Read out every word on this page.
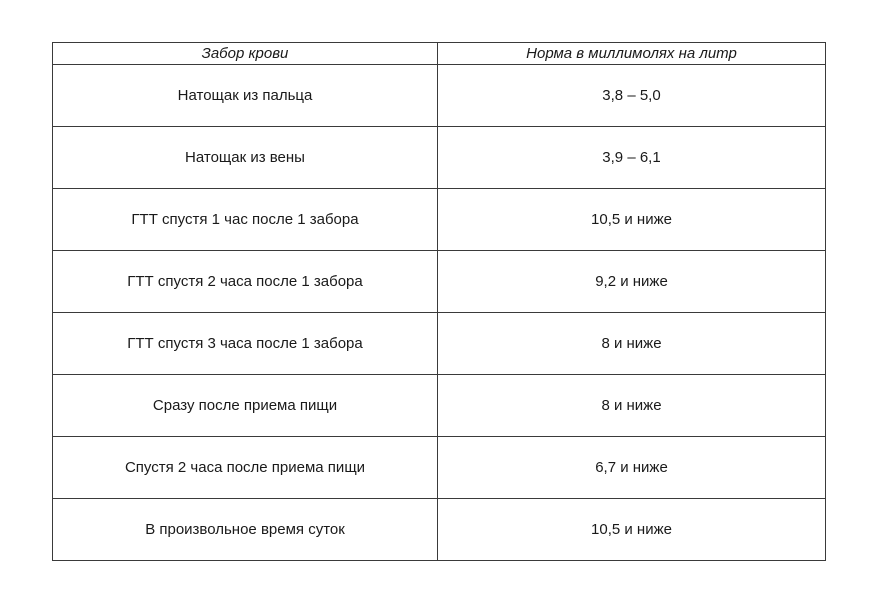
Забор крови	Норма в миллимолях на литр
Натощак из пальца	3,8 – 5,0
Натощак из вены	3,9 – 6,1
ГТТ спустя 1 час после 1 забора	10,5 и ниже
ГТТ спустя 2 часа после 1 забора	9,2 и ниже
ГТТ спустя 3 часа после 1 забора	8 и ниже
Сразу после приема пищи	8 и ниже
Спустя 2 часа после приема пищи	6,7 и ниже
В произвольное время суток	10,5 и ниже
